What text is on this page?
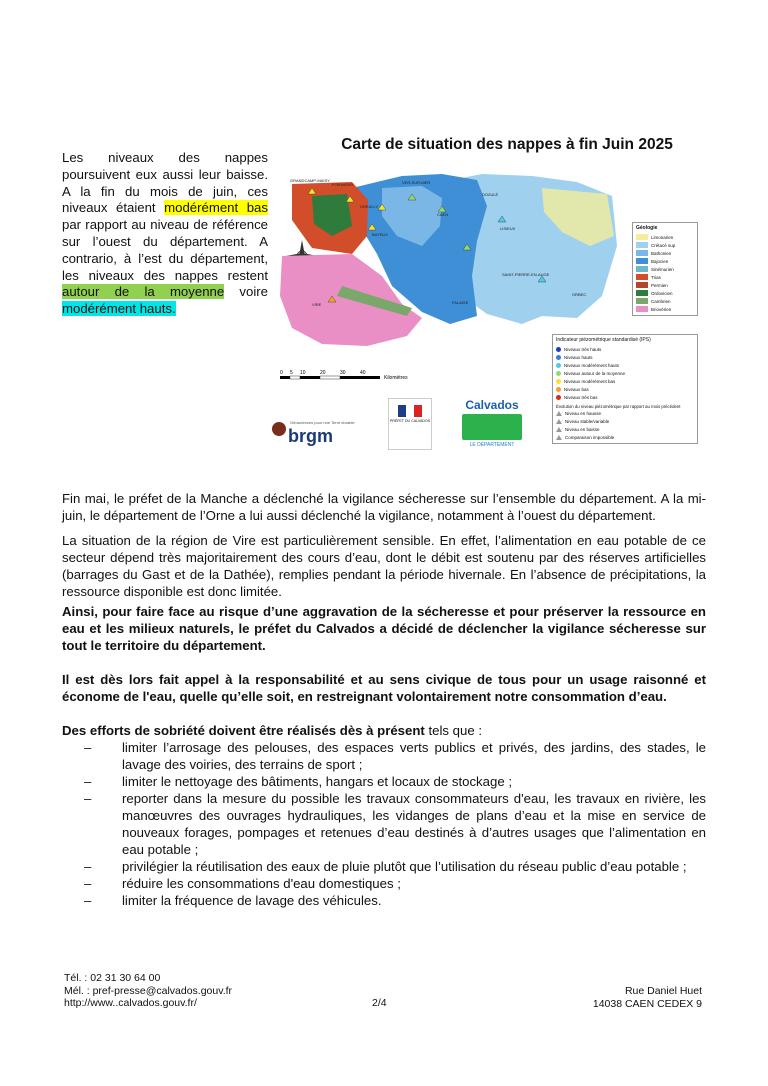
Les niveaux des nappes poursuivent eux aussi leur baisse. A la fin du mois de juin, ces niveaux étaient modérément bas par rapport au niveau de référence sur l’ouest du département. A contrario, à l’est du département, les niveaux des nappes restent autour de la moyenne voire modérément hauts.
Carte de situation des nappes à fin Juin 2025
GRANDCAMP-MAISY
FORMIGNY	VER-SUR-MER
CREULLY
BAYEUX
CAEN
LISIEUX
DOZULÉ
VIRE
SAINT-PIERRE-EN-AUGE
ORBEC
FALAISE
0 5 10	20	30	40
Kilomètres
Géologie
Limonarien
Crétacé sup
Bathonien
Bajocien
Sinémurien
Trias
Permien
Ordovicien
Cambrien
Briovérien
Indicateur piézométrique standardisé (IPS)
Niveaux très hauts
Niveaux hauts
Niveaux modérément hauts
Niveaux autour de la moyenne
Niveaux modérément bas
Niveaux bas
Niveaux très bas
Évolution du niveau piézométrique par rapport au mois précédent
Niveau en hausse
Niveau stable/variable
Niveau en baisse
Comparaison impossible
Géosciences pour une Terre durable
brgm
PRÉFET DU CALVADOS
Calvados
LE DÉPARTEMENT

Fin mai, le préfet de la Manche a déclenché la vigilance sécheresse sur l’ensemble du département. A la mi-juin, le département de l’Orne a lui aussi déclenché la vigilance, notamment à l’ouest du département.

La situation de la région de Vire est particulièrement sensible. En effet, l’alimentation en eau potable de ce secteur dépend très majoritairement des cours d’eau, dont le débit est soutenu par des réserves artificielles (barrages du Gast et de la Dathée), remplies pendant la période hivernale. En l’absence de précipitations, la ressource disponible est donc limitée.

Ainsi, pour faire face au risque d’une aggravation de la sécheresse et pour préserver la ressource en eau et les milieux naturels, le préfet du Calvados a décidé de déclencher la vigilance sécheresse sur tout le territoire du département.

Il est dès lors fait appel à la responsabilité et au sens civique de tous pour un usage raisonné et économe de l'eau, quelle qu’elle soit, en restreignant volontairement notre consommation d’eau.

Des efforts de sobriété doivent être réalisés dès à présent tels que :

– limiter l’arrosage des pelouses, des espaces verts publics et privés, des jardins, des stades, le lavage des voiries, des terrains de sport ;
– limiter le nettoyage des bâtiments, hangars et locaux de stockage ;
– reporter dans la mesure du possible les travaux consommateurs d'eau, les travaux en rivière, les manœuvres des ouvrages hydrauliques, les vidanges de plans d’eau et la mise en service de nouveaux forages, pompages et retenues d’eau destinés à d’autres usages que l’alimentation en eau potable ;
– privilégier la réutilisation des eaux de pluie plutôt que l’utilisation du réseau public d’eau potable ;
– réduire les consommations d'eau domestiques ;
– limiter la fréquence de lavage des véhicules.
Tél. : 02 31 30 64 00
Mél. : pref-presse@calvados.gouv.fr
http://www..calvados.gouv.fr/	2/4
Rue Daniel Huet
14038 CAEN CEDEX 9
